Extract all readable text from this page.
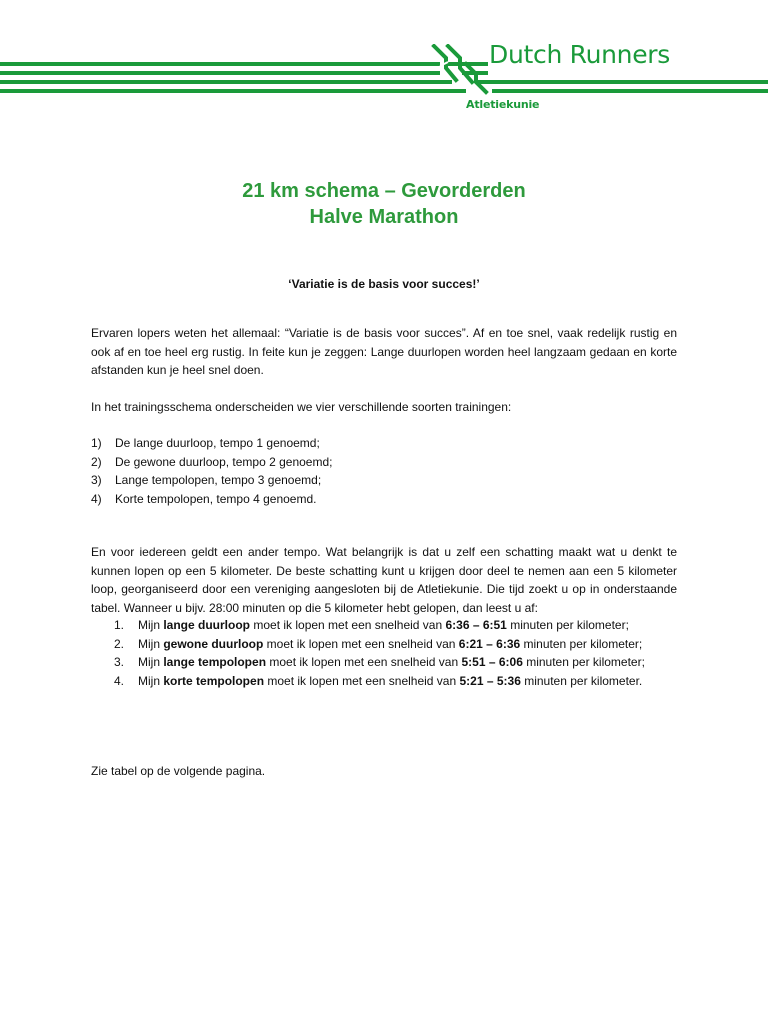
Dutch Runners
Atletiekunie
21 km schema – Gevorderden
Halve Marathon
‘Variatie is de basis voor succes!’
Ervaren lopers weten het allemaal: “Variatie is de basis voor succes”. Af en toe snel, vaak redelijk rustig en ook af en toe heel erg rustig. In feite kun je zeggen: Lange duurlopen worden heel langzaam gedaan en korte afstanden kun je heel snel doen.
In het trainingsschema onderscheiden we vier verschillende soorten trainingen:
1)	De lange duurloop, tempo 1 genoemd;
2)	De gewone duurloop, tempo 2 genoemd;
3)	Lange tempolopen, tempo 3 genoemd;
4)	Korte tempolopen, tempo 4 genoemd.
En voor iedereen geldt een ander tempo. Wat belangrijk is dat u zelf een schatting maakt wat u denkt te kunnen lopen op een 5 kilometer. De beste schatting kunt u krijgen door deel te nemen aan een 5 kilometer loop, georganiseerd door een vereniging aangesloten bij de Atletiekunie. Die tijd zoekt u op in onderstaande tabel. Wanneer u bijv. 28:00 minuten op die 5 kilometer hebt gelopen, dan leest u af:
1.	Mijn lange duurloop moet ik lopen met een snelheid van 6:36 – 6:51 minuten per kilometer;
2.	Mijn gewone duurloop moet ik lopen met een snelheid van 6:21 – 6:36 minuten per kilometer;
3.	Mijn lange tempolopen moet ik lopen met een snelheid van 5:51 – 6:06 minuten per kilometer;
4.	Mijn korte tempolopen moet ik lopen met een snelheid van 5:21 – 5:36 minuten per kilometer.
Zie tabel op de volgende pagina.
